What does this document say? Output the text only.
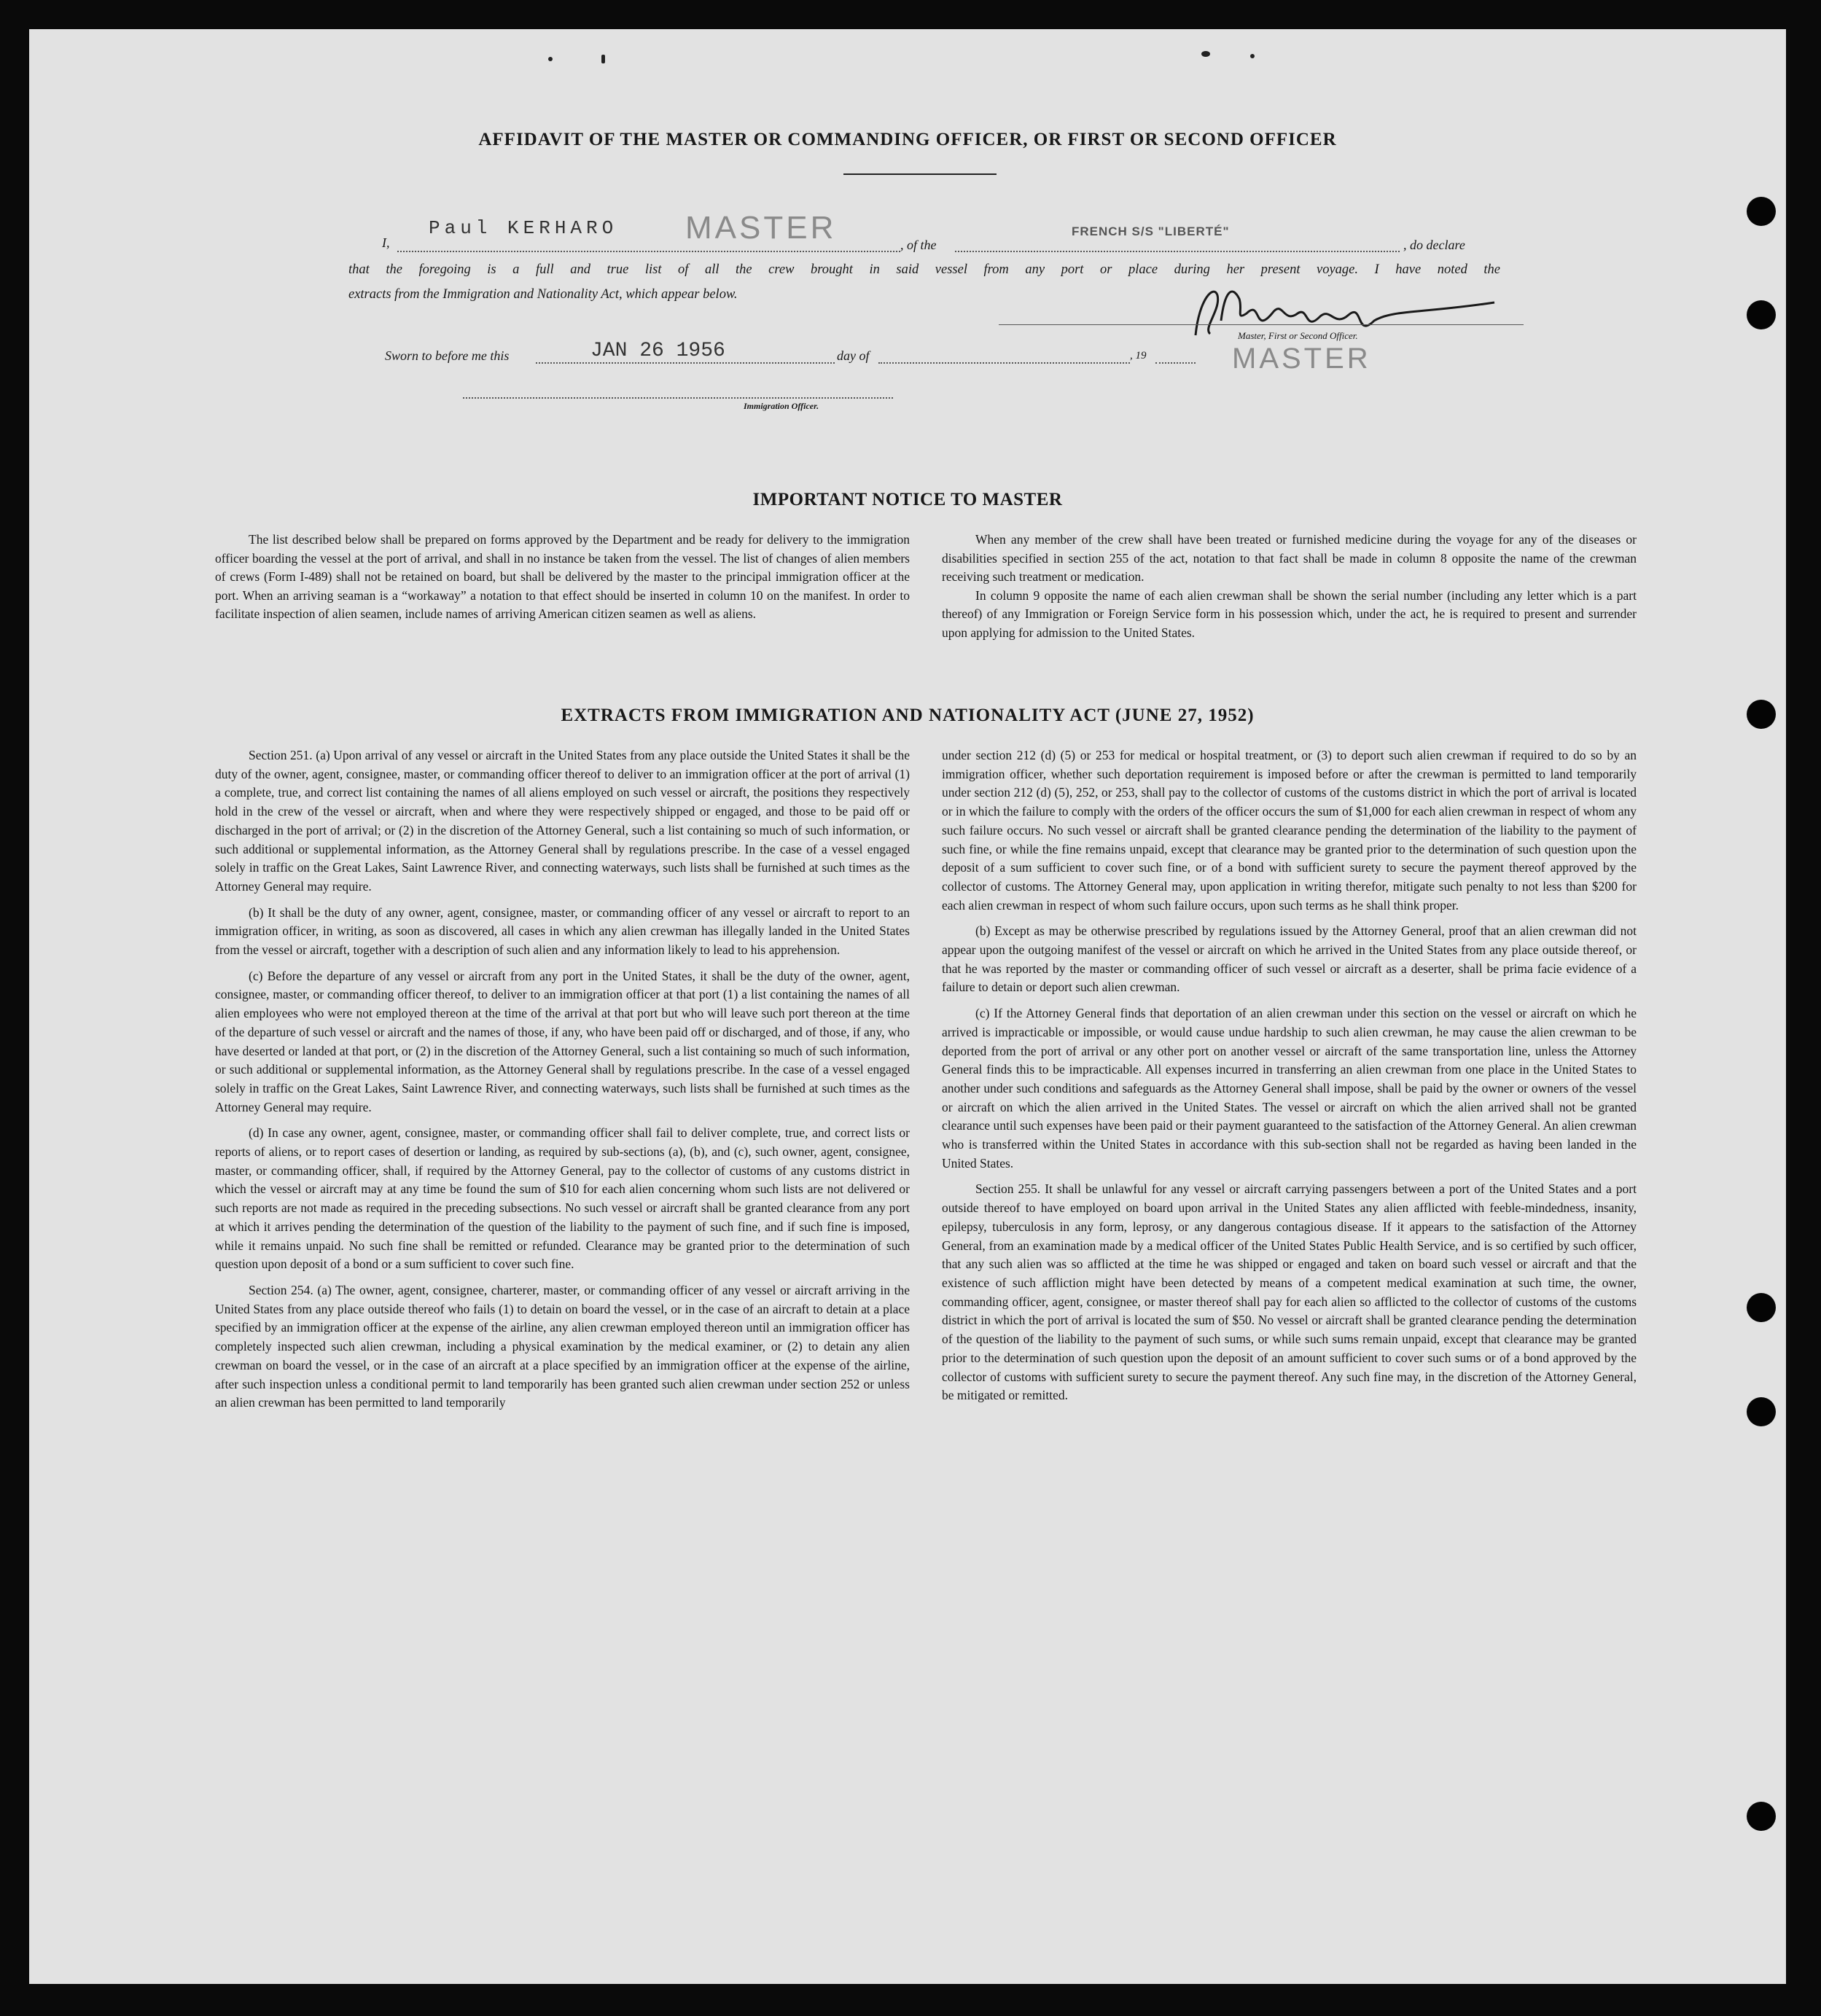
AFFIDAVIT OF THE MASTER OR COMMANDING OFFICER, OR FIRST OR SECOND OFFICER
I,
Paul KERHARO MASTER	, of the
FRENCH S/S "LIBERTÉ"
, do declare
that the foregoing is a full and true list of all the crew brought in said vessel from any port or place during her present voyage. I have noted the
extracts from the Immigration and Nationality Act, which appear below.
Master, First or Second Officer.
MASTER
Sworn to before me this	JAN 26 1956	day of	, 19
Immigration Officer.
IMPORTANT NOTICE TO MASTER

The list described below shall be prepared on forms approved by the Department and be ready for delivery to the immigration officer boarding the vessel at the port of arrival, and shall in no instance be taken from the vessel. The list of changes of alien members of crews (Form I-489) shall not be retained on board, but shall be delivered by the master to the principal immigration officer at the port. When an arriving seaman is a “workaway” a notation to that effect should be inserted in column 10 on the manifest. In order to facilitate inspection of alien seamen, include names of arriving American citizen seamen as well as aliens.

When any member of the crew shall have been treated or furnished medicine during the voyage for any of the diseases or disabilities specified in section 255 of the act, notation to that fact shall be made in column 8 opposite the name of the crewman receiving such treatment or medication.

In column 9 opposite the name of each alien crewman shall be shown the serial number (including any letter which is a part thereof) of any Immigration or Foreign Service form in his possession which, under the act, he is required to present and surrender upon applying for admission to the United States.

EXTRACTS FROM IMMIGRATION AND NATIONALITY ACT (JUNE 27, 1952)

Section 251. (a) Upon arrival of any vessel or aircraft in the United States from any place outside the United States it shall be the duty of the owner, agent, consignee, master, or commanding officer thereof to deliver to an immigration officer at the port of arrival (1) a complete, true, and correct list containing the names of all aliens employed on such vessel or aircraft, the positions they respectively hold in the crew of the vessel or aircraft, when and where they were respectively shipped or engaged, and those to be paid off or discharged in the port of arrival; or (2) in the discretion of the Attorney General, such a list containing so much of such information, or such additional or supplemental information, as the Attorney General shall by regulations prescribe. In the case of a vessel engaged solely in traffic on the Great Lakes, Saint Lawrence River, and connecting waterways, such lists shall be furnished at such times as the Attorney General may require.

(b) It shall be the duty of any owner, agent, consignee, master, or commanding officer of any vessel or aircraft to report to an immigration officer, in writing, as soon as discovered, all cases in which any alien crewman has illegally landed in the United States from the vessel or aircraft, together with a description of such alien and any information likely to lead to his apprehension.

(c) Before the departure of any vessel or aircraft from any port in the United States, it shall be the duty of the owner, agent, consignee, master, or commanding officer thereof, to deliver to an immigration officer at that port (1) a list containing the names of all alien employees who were not employed thereon at the time of the arrival at that port but who will leave such port thereon at the time of the departure of such vessel or aircraft and the names of those, if any, who have been paid off or discharged, and of those, if any, who have deserted or landed at that port, or (2) in the discretion of the Attorney General, such a list containing so much of such information, or such additional or supplemental information, as the Attorney General shall by regulations prescribe. In the case of a vessel engaged solely in traffic on the Great Lakes, Saint Lawrence River, and connecting waterways, such lists shall be furnished at such times as the Attorney General may require.

(d) In case any owner, agent, consignee, master, or commanding officer shall fail to deliver complete, true, and correct lists or reports of aliens, or to report cases of desertion or landing, as required by sub-sections (a), (b), and (c), such owner, agent, consignee, master, or commanding officer, shall, if required by the Attorney General, pay to the collector of customs of any customs district in which the vessel or aircraft may at any time be found the sum of $10 for each alien concerning whom such lists are not delivered or such reports are not made as required in the preceding subsections. No such vessel or aircraft shall be granted clearance from any port at which it arrives pending the determination of the question of the liability to the payment of such fine, and if such fine is imposed, while it remains unpaid. No such fine shall be remitted or refunded. Clearance may be granted prior to the determination of such question upon deposit of a bond or a sum sufficient to cover such fine.

Section 254. (a) The owner, agent, consignee, charterer, master, or commanding officer of any vessel or aircraft arriving in the United States from any place outside thereof who fails (1) to detain on board the vessel, or in the case of an aircraft to detain at a place specified by an immigration officer at the expense of the airline, any alien crewman employed thereon until an immigration officer has completely inspected such alien crewman, including a physical examination by the medical examiner, or (2) to detain any alien crewman on board the vessel, or in the case of an aircraft at a place specified by an immigration officer at the expense of the airline, after such inspection unless a conditional permit to land temporarily has been granted such alien crewman under section 252 or unless an alien crewman has been permitted to land temporarily

under section 212 (d) (5) or 253 for medical or hospital treatment, or (3) to deport such alien crewman if required to do so by an immigration officer, whether such deportation requirement is imposed before or after the crewman is permitted to land temporarily under section 212 (d) (5), 252, or 253, shall pay to the collector of customs of the customs district in which the port of arrival is located or in which the failure to comply with the orders of the officer occurs the sum of $1,000 for each alien crewman in respect of whom any such failure occurs. No such vessel or aircraft shall be granted clearance pending the determination of the liability to the payment of such fine, or while the fine remains unpaid, except that clearance may be granted prior to the determination of such question upon the deposit of a sum sufficient to cover such fine, or of a bond with sufficient surety to secure the payment thereof approved by the collector of customs. The Attorney General may, upon application in writing therefor, mitigate such penalty to not less than $200 for each alien crewman in respect of whom such failure occurs, upon such terms as he shall think proper.

(b) Except as may be otherwise prescribed by regulations issued by the Attorney General, proof that an alien crewman did not appear upon the outgoing manifest of the vessel or aircraft on which he arrived in the United States from any place outside thereof, or that he was reported by the master or commanding officer of such vessel or aircraft as a deserter, shall be prima facie evidence of a failure to detain or deport such alien crewman.

(c) If the Attorney General finds that deportation of an alien crewman under this section on the vessel or aircraft on which he arrived is impracticable or impossible, or would cause undue hardship to such alien crewman, he may cause the alien crewman to be deported from the port of arrival or any other port on another vessel or aircraft of the same transportation line, unless the Attorney General finds this to be impracticable. All expenses incurred in transferring an alien crewman from one place in the United States to another under such conditions and safeguards as the Attorney General shall impose, shall be paid by the owner or owners of the vessel or aircraft on which the alien arrived in the United States. The vessel or aircraft on which the alien arrived shall not be granted clearance until such expenses have been paid or their payment guaranteed to the satisfaction of the Attorney General. An alien crewman who is transferred within the United States in accordance with this sub-section shall not be regarded as having been landed in the United States.

Section 255. It shall be unlawful for any vessel or aircraft carrying passengers between a port of the United States and a port outside thereof to have employed on board upon arrival in the United States any alien afflicted with feeble-mindedness, insanity, epilepsy, tuberculosis in any form, leprosy, or any dangerous contagious disease. If it appears to the satisfaction of the Attorney General, from an examination made by a medical officer of the United States Public Health Service, and is so certified by such officer, that any such alien was so afflicted at the time he was shipped or engaged and taken on board such vessel or aircraft and that the existence of such affliction might have been detected by means of a competent medical examination at such time, the owner, commanding officer, agent, consignee, or master thereof shall pay for each alien so afflicted to the collector of customs of the customs district in which the port of arrival is located the sum of $50. No vessel or aircraft shall be granted clearance pending the determination of the question of the liability to the payment of such sums, or while such sums remain unpaid, except that clearance may be granted prior to the determination of such question upon the deposit of an amount sufficient to cover such sums or of a bond approved by the collector of customs with sufficient surety to secure the payment thereof. Any such fine may, in the discretion of the Attorney General, be mitigated or remitted.
